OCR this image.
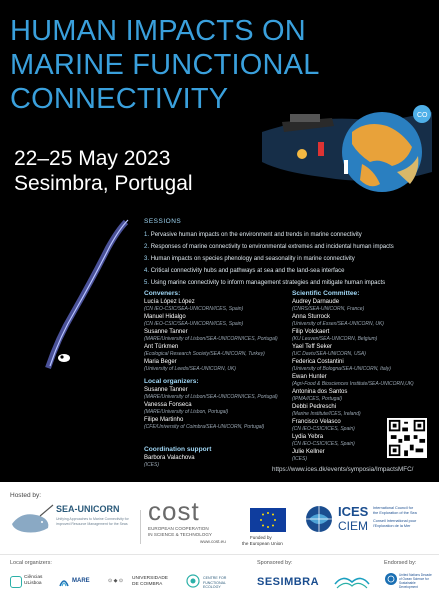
HUMAN IMPACTS ON
MARINE FUNCTIONAL
CONNECTIVITY
22–25 May 2023
Sesimbra, Portugal
CO
SESSIONS
1. Pervasive human impacts on the environment and trends in marine connectivity
2. Responses of marine connectivity to environmental extremes and incidental human impacts
3. Human impacts on species phenology and seasonality in marine connectivity
4. Critical connectivity hubs and pathways at sea and the land-sea interface
5. Using marine connectivity to inform management strategies and mitigate human impacts
Conveners:
Lucía López López
(CN IEO-CSIC/SEA-UNICORN/ICES, Spain)
Manuel Hidalgo
(CN IEO-CSIC/SEA-UNICORN/ICES, Spain)
Susanne Tanner
(MARE/University of Lisbon/SEA-UNICORN/ICES, Portugal)
Ant Türkmen
(Ecological Research Society/SEA-UNICORN, Turkey)
Maria Beger
(University of Leeds/SEA-UNICORN, UK)
Local organizers:
Susanne Tanner
(MARE/University of Lisbon/SEA-UNICORN/ICES, Portugal)
Vanessa Fonseca
(MARE/University of Lisbon, Portugal)
Filipe Martinho
(CFE/University of Coimbra/SEA-UNICORN, Portugal)
Coordination support
Barbora Valachova
(ICES)
Scientific Committee:
Audrey Darnaude
(CNRS/SEA-UNICORN, France)
Anna Sturrock
(University of Essex/SEA-UNICORN, UK)
Filip Volckaert
(KU Leuven/SEA-UNICORN, Belgium)
Yael Teff Seker
(UC Davis/SEA-UNICORN, USA)
Federica Costantini
(University of Bologna/SEA-UNICORN, Italy)
Ewan Hunter
(Agri-Food & Biosciences Institute/SEA-UNICORN,UK)
Antonina dos Santos
(IPMA/ICES, Portugal)
Debbi Pedreschi
(Marine Institute/ICES, Ireland)
Francisco Velasco
(CN IEO-CSIC/ICES, Spain)
Lydia Yebra
(CN IEO-CSIC/ICES, Spain)
Julie Kellner
(ICES)
https://www.ices.dk/events/symposia/ImpactsMFC/
Hosted by:
SEA-UNICORN
Unifying Approaches to Marine Connectivity for improved Resource Management for the Seas cost
EUROPEAN COOPERATION
IN SCIENCE & TECHNOLOGY
www.cost.eu
Funded by
the European Union
ICES
CIEM
International Council for
the Exploration of the Sea
Conseil International pour
l'Exploration de la Mer
Local organizers:
Ciências ULisboa	MARE	⊙ ◆ ⊙ UNIVERSIDADE DE COIMBRA
CENTRE FOR FUNCTIONAL ECOLOGY
Sponsored by:
SESIMBRA
Endorsed by:
United Nations Decade of Ocean Science for Sustainable Development
